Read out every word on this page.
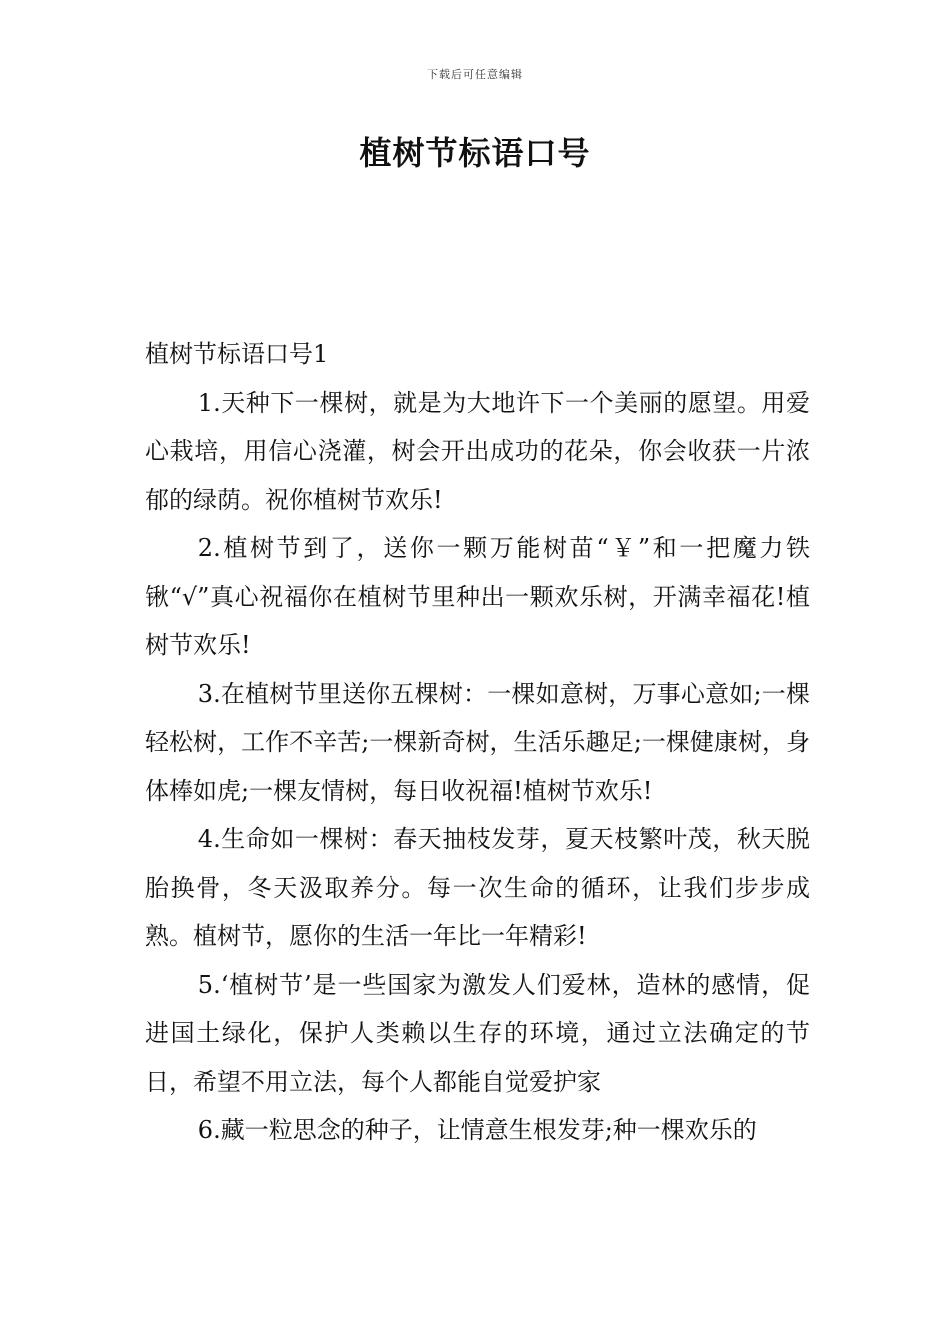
下载后可任意编辑
植树节标语口号

植树节标语口号1

1.天种下一棵树，就是为大地许下一个美丽的愿望。用爱心栽培，用信心浇灌，树会开出成功的花朵，你会收获一片浓郁的绿荫。祝你植树节欢乐!

2.植树节到了，送你一颗万能树苗“￥”和一把魔力铁锹“√”真心祝福你在植树节里种出一颗欢乐树，开满幸福花!植树节欢乐!

3.在植树节里送你五棵树：一棵如意树，万事心意如;一棵轻松树，工作不辛苦;一棵新奇树，生活乐趣足;一棵健康树，身体棒如虎;一棵友情树，每日收祝福!植树节欢乐!

4.生命如一棵树：春天抽枝发芽，夏天枝繁叶茂，秋天脱胎换骨，冬天汲取养分。每一次生命的循环，让我们步步成熟。植树节，愿你的生活一年比一年精彩!

5.‘植树节’是一些国家为激发人们爱林，造林的感情，促进国土绿化，保护人类赖以生存的环境，通过立法确定的节日，希望不用立法，每个人都能自觉爱护家

6.藏一粒思念的种子，让情意生根发芽;种一棵欢乐的
